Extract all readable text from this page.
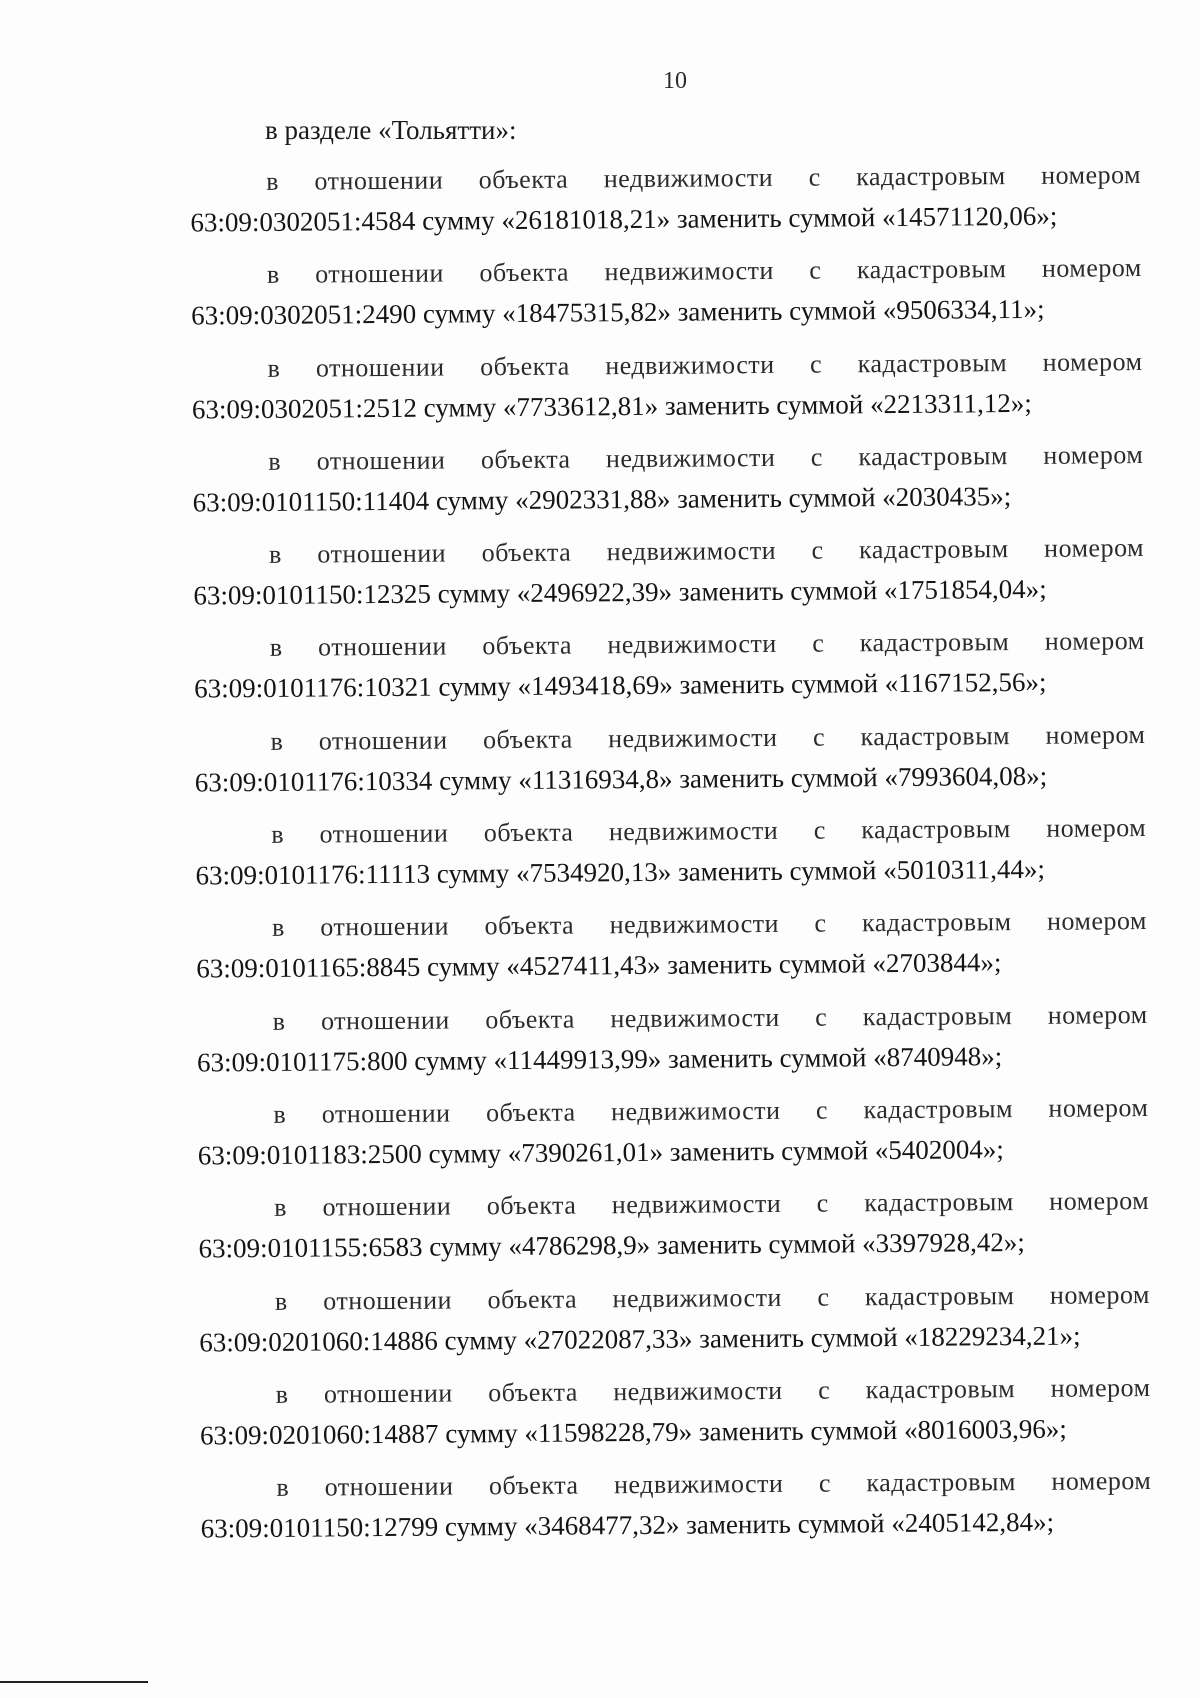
10
в разделе «Тольятти»:
в отношении объекта недвижимости с кадастровым номером
63:09:0302051:4584 сумму «26181018,21» заменить суммой «14571120,06»;
в отношении объекта недвижимости с кадастровым номером
63:09:0302051:2490 сумму «18475315,82» заменить суммой «9506334,11»;
в отношении объекта недвижимости с кадастровым номером
63:09:0302051:2512 сумму «7733612,81» заменить суммой «2213311,12»;
в отношении объекта недвижимости с кадастровым номером
63:09:0101150:11404 сумму «2902331,88» заменить суммой «2030435»;
в отношении объекта недвижимости с кадастровым номером
63:09:0101150:12325 сумму «2496922,39» заменить суммой «1751854,04»;
в отношении объекта недвижимости с кадастровым номером
63:09:0101176:10321 сумму «1493418,69» заменить суммой «1167152,56»;
в отношении объекта недвижимости с кадастровым номером
63:09:0101176:10334 сумму «11316934,8» заменить суммой «7993604,08»;
в отношении объекта недвижимости с кадастровым номером
63:09:0101176:11113 сумму «7534920,13» заменить суммой «5010311,44»;
в отношении объекта недвижимости с кадастровым номером
63:09:0101165:8845 сумму «4527411,43» заменить суммой «2703844»;
в отношении объекта недвижимости с кадастровым номером
63:09:0101175:800 сумму «11449913,99» заменить суммой «8740948»;
в отношении объекта недвижимости с кадастровым номером
63:09:0101183:2500 сумму «7390261,01» заменить суммой «5402004»;
в отношении объекта недвижимости с кадастровым номером
63:09:0101155:6583 сумму «4786298,9» заменить суммой «3397928,42»;
в отношении объекта недвижимости с кадастровым номером
63:09:0201060:14886 сумму «27022087,33» заменить суммой «18229234,21»;
в отношении объекта недвижимости с кадастровым номером
63:09:0201060:14887 сумму «11598228,79» заменить суммой «8016003,96»;
в отношении объекта недвижимости с кадастровым номером
63:09:0101150:12799 сумму «3468477,32» заменить суммой «2405142,84»;
